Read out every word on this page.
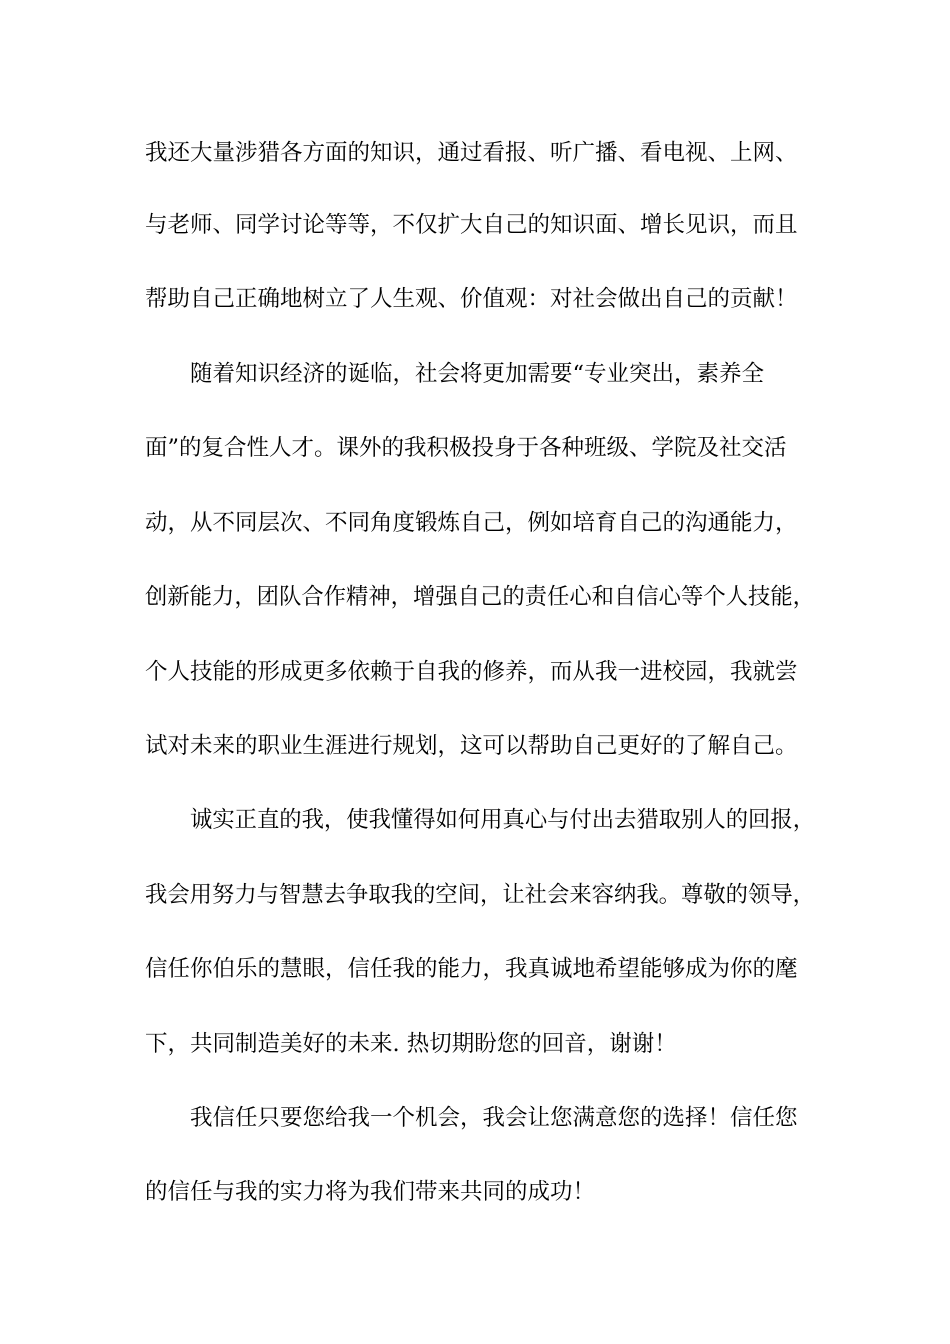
我还大量涉猎各方面的知识，通过看报、听广播、看电视、上网、
与老师、同学讨论等等，不仅扩大自己的知识面、增长见识，而且
帮助自己正确地树立了人生观、价值观：对社会做出自己的贡献！
随着知识经济的诞临，社会将更加需要“专业突出，素养全
面”的复合性人才。课外的我积极投身于各种班级、学院及社交活
动，从不同层次、不同角度锻炼自己，例如培育自己的沟通能力，
创新能力，团队合作精神，增强自己的责任心和自信心等个人技能，
个人技能的形成更多依赖于自我的修养，而从我一进校园，我就尝
试对未来的职业生涯进行规划，这可以帮助自己更好的了解自己。
诚实正直的我，使我懂得如何用真心与付出去猎取别人的回报，
我会用努力与智慧去争取我的空间，让社会来容纳我。尊敬的领导，
信任你伯乐的慧眼，信任我的能力，我真诚地希望能够成为你的麾
下，共同制造美好的未来. 热切期盼您的回音，谢谢！
我信任只要您给我一个机会，我会让您满意您的选择！信任您
的信任与我的实力将为我们带来共同的成功！
